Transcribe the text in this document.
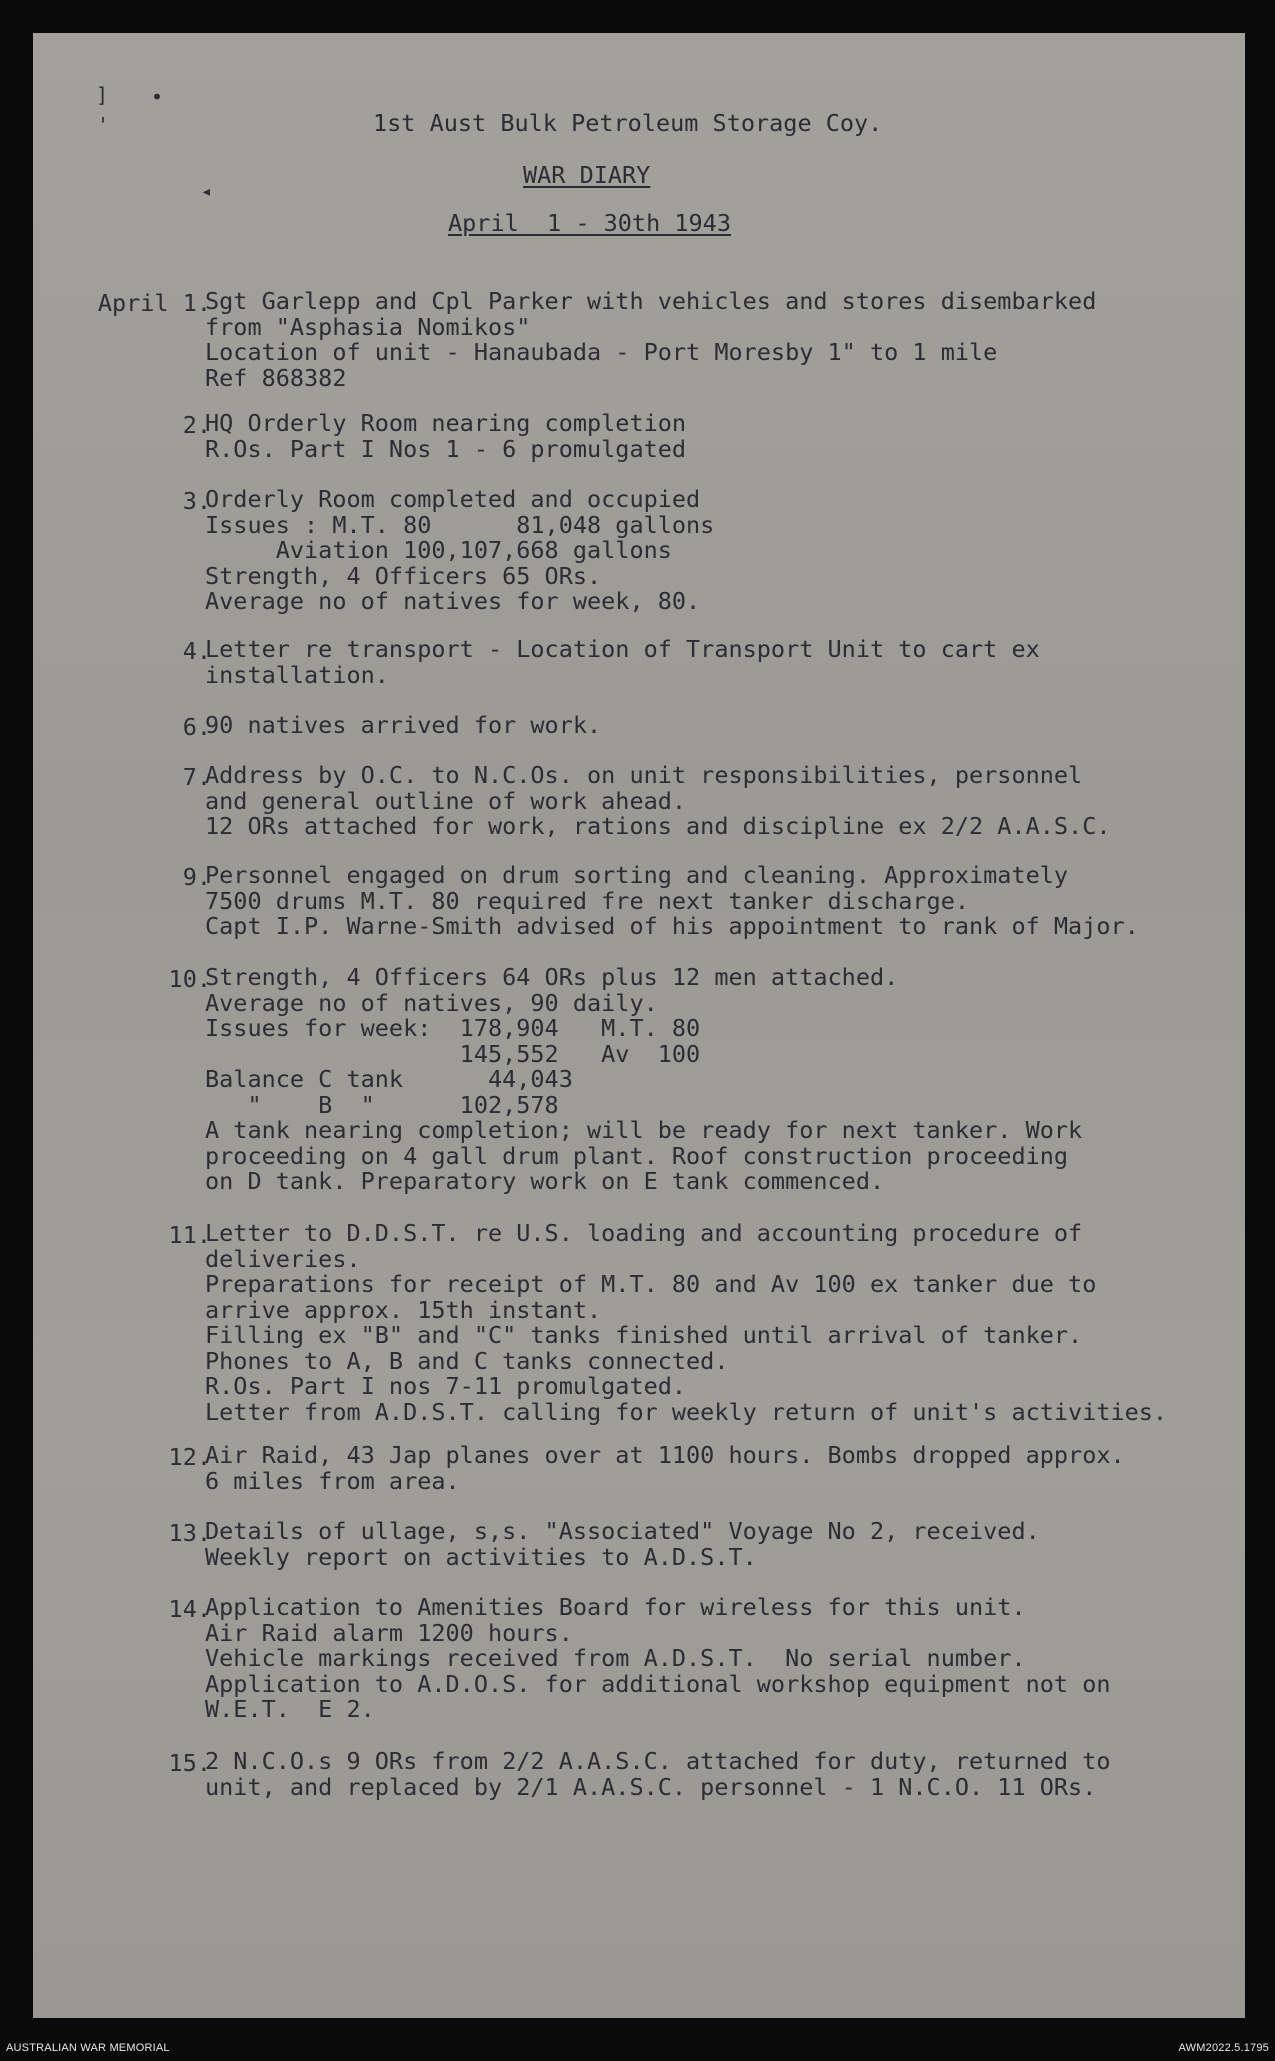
]
'
•
◂
1st Aust Bulk Petroleum Storage Coy.
WAR DIARY
April  1 - 30th 1943
April 1.
Sgt Garlepp and Cpl Parker with vehicles and stores disembarked
from "Asphasia Nomikos"
Location of unit - Hanaubada - Port Moresby 1" to 1 mile
Ref 868382
2.
HQ Orderly Room nearing completion
R.Os. Part I Nos 1 - 6 promulgated
3.
Orderly Room completed and occupied
Issues : M.T. 80      81,048 gallons
Aviation 100,107,668 gallons
Strength, 4 Officers 65 ORs.
Average no of natives for week, 80.
4.
Letter re transport - Location of Transport Unit to cart ex
installation.
6.
90 natives arrived for work.
7.
Address by O.C. to N.C.Os. on unit responsibilities, personnel
and general outline of work ahead.
12 ORs attached for work, rations and discipline ex 2/2 A.A.S.C.
9.
Personnel engaged on drum sorting and cleaning. Approximately
7500 drums M.T. 80 required fre next tanker discharge.
Capt I.P. Warne-Smith advised of his appointment to rank of Major.
10.
Strength, 4 Officers 64 ORs plus 12 men attached.
Average no of natives, 90 daily.
Issues for week:  178,904   M.T. 80
145,552   Av  100
Balance C tank      44,043
"    B  "      102,578
A tank nearing completion; will be ready for next tanker. Work
proceeding on 4 gall drum plant. Roof construction proceeding
on D tank. Preparatory work on E tank commenced.
11.
Letter to D.D.S.T. re U.S. loading and accounting procedure of
deliveries.
Preparations for receipt of M.T. 80 and Av 100 ex tanker due to
arrive approx. 15th instant.
Filling ex "B" and "C" tanks finished until arrival of tanker.
Phones to A, B and C tanks connected.
R.Os. Part I nos 7-11 promulgated.
Letter from A.D.S.T. calling for weekly return of unit's activities.
12.
Air Raid, 43 Jap planes over at 1100 hours. Bombs dropped approx.
6 miles from area.
13.
Details of ullage, s,s. "Associated" Voyage No 2, received.
Weekly report on activities to A.D.S.T.
14.
Application to Amenities Board for wireless for this unit.
Air Raid alarm 1200 hours.
Vehicle markings received from A.D.S.T.  No serial number.
Application to A.D.O.S. for additional workshop equipment not on
W.E.T.  E 2.
15.
2 N.C.O.s 9 ORs from 2/2 A.A.S.C. attached for duty, returned to
unit, and replaced by 2/1 A.A.S.C. personnel - 1 N.C.O. 11 ORs.
AUSTRALIAN WAR MEMORIAL	AWM2022.5.1795
